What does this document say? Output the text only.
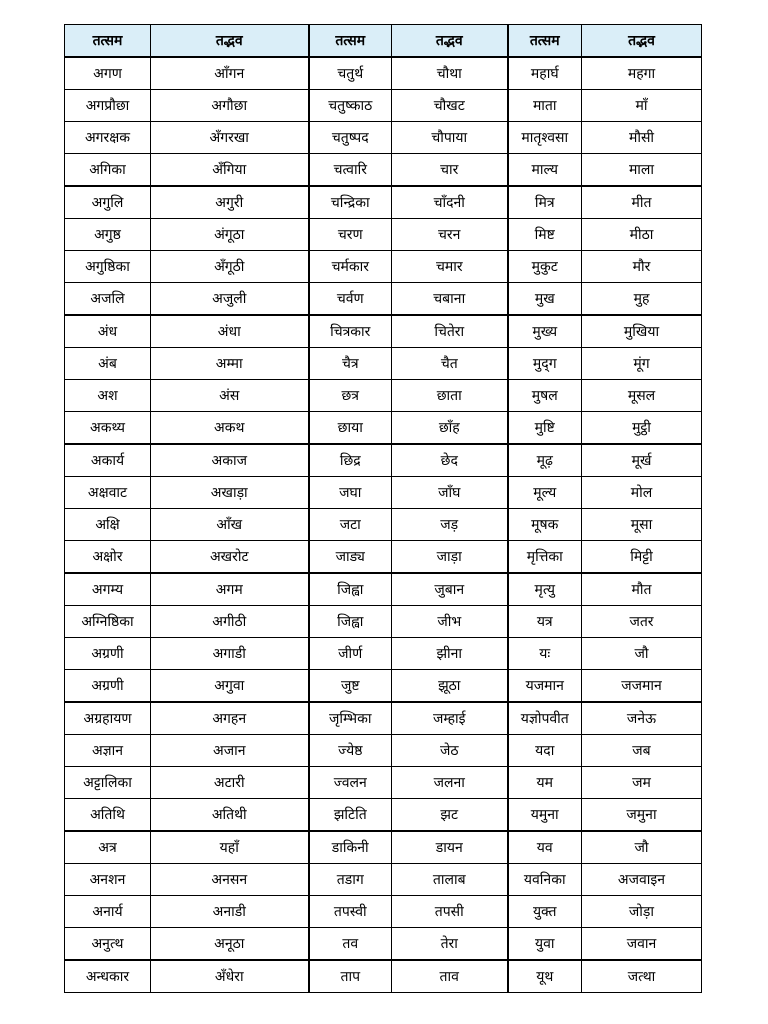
तत्सम	तद्भव	तत्सम	तद्भव	तत्सम	तद्भव
अगण	आँगन	चतुर्थ	चौथा	महार्घ	महगा
अगप्रौछा	अगौछा	चतुष्काठ	चौखट	माता	माँ
अगरक्षक	अँगरखा	चतुष्पद	चौपाया	मातृश्वसा	मौसी
अगिका	अँगिया	चत्वारि	चार	माल्य	माला
अगुलि	अगुरी	चन्द्रिका	चाँदनी	मित्र	मीत
अगुष्ठ	अंगूठा	चरण	चरन	मिष्ट	मीठा
अगुष्ठिका	अँगूठी	चर्मकार	चमार	मुकुट	मौर
अजलि	अजुली	चर्वण	चबाना	मुख	मुह
अंध	अंधा	चित्रकार	चितेरा	मुख्य	मुखिया
अंब	अम्मा	चैत्र	चैत	मुद्‌ग	मूंग
अश	अंस	छत्र	छाता	मुषल	मूसल
अकथ्य	अकथ	छाया	छाँह	मुष्टि	मुट्ठी
अकार्य	अकाज	छिद्र	छेद	मूढ़	मूर्ख
अक्षवाट	अखाड़ा	जघा	जाँघ	मूल्य	मोल
अक्षि	आँख	जटा	जड़	मूषक	मूसा
अक्षोर	अखरोट	जाड्य	जाड़ा	मृत्तिका	मिट्टी
अगम्य	अगम	जिह्वा	जुबान	मृत्यु	मौत
अग्निष्ठिका	अगीठी	जिह्वा	जीभ	यत्र	जतर
अग्रणी	अगाडी	जीर्ण	झीना	यः	जौ
अग्रणी	अगुवा	जुष्ट	झूठा	यजमान	जजमान
अग्रहायण	अगहन	जृम्भिका	जम्हाई	यज्ञोपवीत	जनेऊ
अज्ञान	अजान	ज्येष्ठ	जेठ	यदा	जब
अट्टालिका	अटारी	ज्वलन	जलना	यम	जम
अतिथि	अतिथी	झटिति	झट	यमुना	जमुना
अत्र	यहाँ	डाकिनी	डायन	यव	जौ
अनशन	अनसन	तडाग	तालाब	यवनिका	अजवाइन
अनार्य	अनाडी	तपस्वी	तपसी	युक्त	जोड़ा
अनुत्थ	अनूठा	तव	तेरा	युवा	जवान
अन्धकार	अँधेरा	ताप	ताव	यूथ	जत्था
